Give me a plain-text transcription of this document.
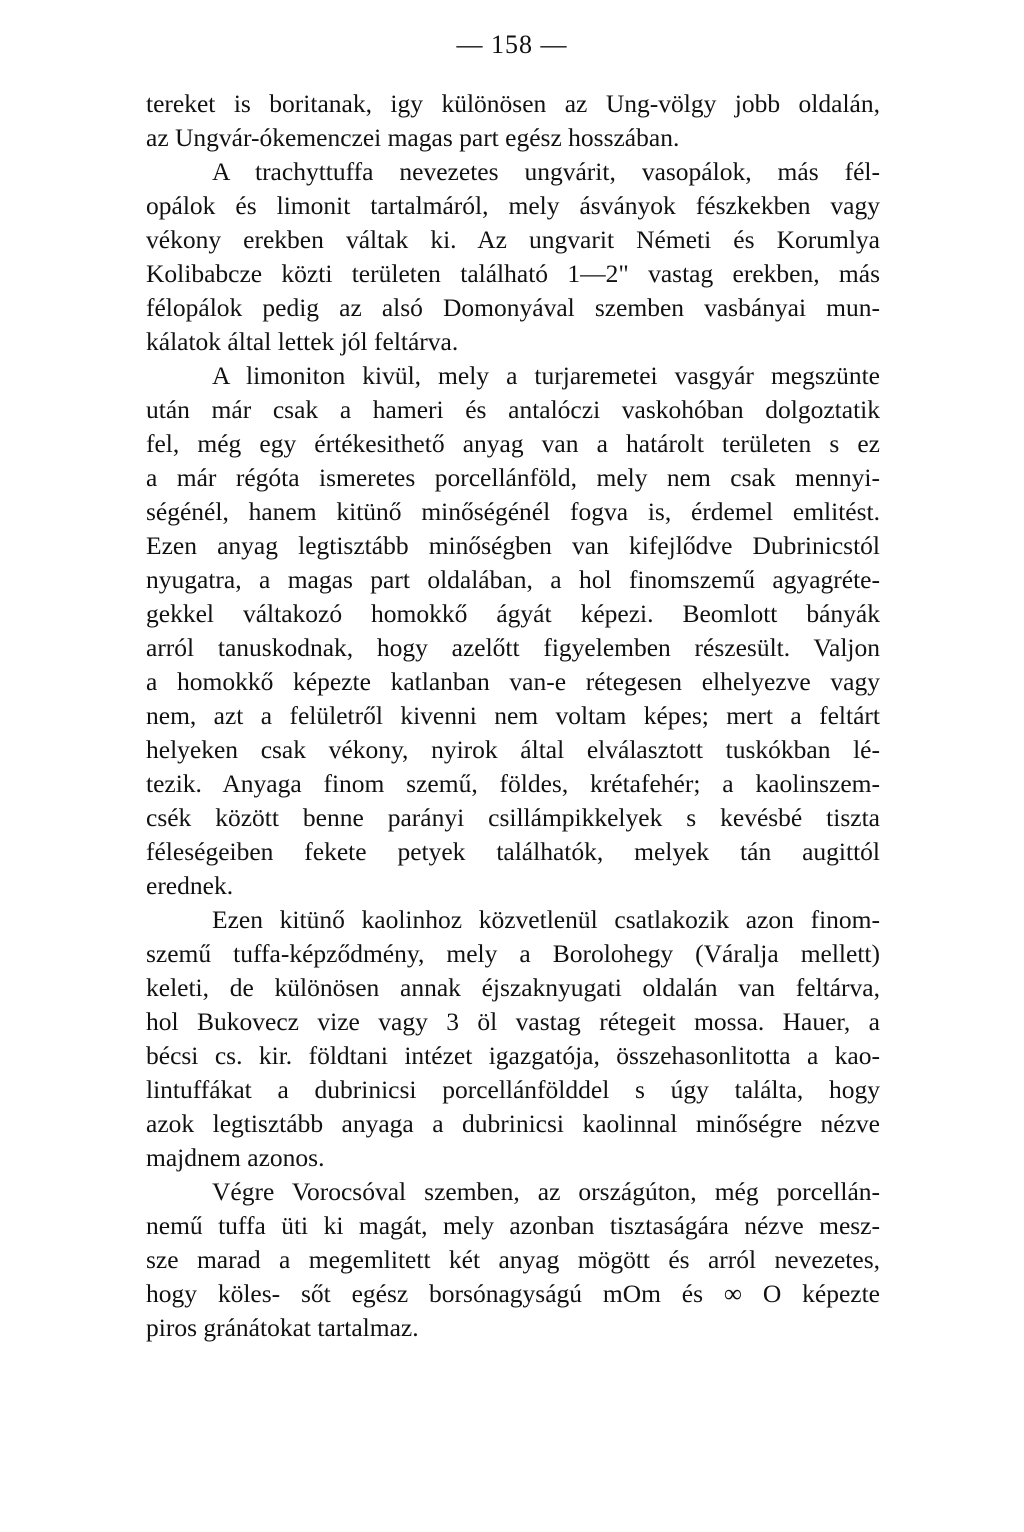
— 158 —
tereket is boritanak, igy különösen az Ung-völgy jobb oldalán,
az Ungvár-ókemenczei magas part egész hosszában.
A trachyttuffa nevezetes ungvárit, vasopálok, más fél-
opálok és limonit tartalmáról, mely ásványok fészkekben vagy
vékony erekben váltak ki. Az ungvarit Németi és Korumlya
Kolibabcze közti területen található 1—2" vastag erekben, más
félopálok pedig az alsó Domonyával szemben vasbányai mun-
kálatok által lettek jól feltárva.
A limoniton kivül, mely a turjaremetei vasgyár megszünte
után már csak a hameri és antalóczi vaskohóban dolgoztatik
fel, még egy értékesithető anyag van a határolt területen s ez
a már régóta ismeretes porcellánföld, mely nem csak mennyi-
ségénél, hanem kitünő minőségénél fogva is, érdemel emlitést.
Ezen anyag legtisztább minőségben van kifejlődve Dubrinicstól
nyugatra, a magas part oldalában, a hol finomszemű agyagréte-
gekkel váltakozó homokkő ágyát képezi. Beomlott bányák
arról tanuskodnak, hogy azelőtt figyelemben részesült. Valjon
a homokkő képezte katlanban van-e rétegesen elhelyezve vagy
nem, azt a felületről kivenni nem voltam képes; mert a feltárt
helyeken csak vékony, nyirok által elválasztott tuskókban lé-
tezik. Anyaga finom szemű, földes, krétafehér; a kaolinszem-
csék között benne parányi csillámpikkelyek s kevésbé tiszta
féleségeiben fekete petyek találhatók, melyek tán augittól
erednek.
Ezen kitünő kaolinhoz közvetlenül csatlakozik azon finom-
szemű tuffa-képződmény, mely a Borolohegy (Váralja mellett)
keleti, de különösen annak éjszaknyugati oldalán van feltárva,
hol Bukovecz vize vagy 3 öl vastag rétegeit mossa. Hauer, a
bécsi cs. kir. földtani intézet igazgatója, összehasonlitotta a kao-
lintuffákat a dubrinicsi porcellánfölddel s úgy találta, hogy
azok legtisztább anyaga a dubrinicsi kaolinnal minőségre nézve
majdnem azonos.
Végre Vorocsóval szemben, az országúton, még porcellán-
nemű tuffa üti ki magát, mely azonban tisztaságára nézve mesz-
sze marad a megemlitett két anyag mögött és arról nevezetes,
hogy köles- sőt egész borsónagyságú mOm és ∞ O képezte
piros gránátokat tartalmaz.
